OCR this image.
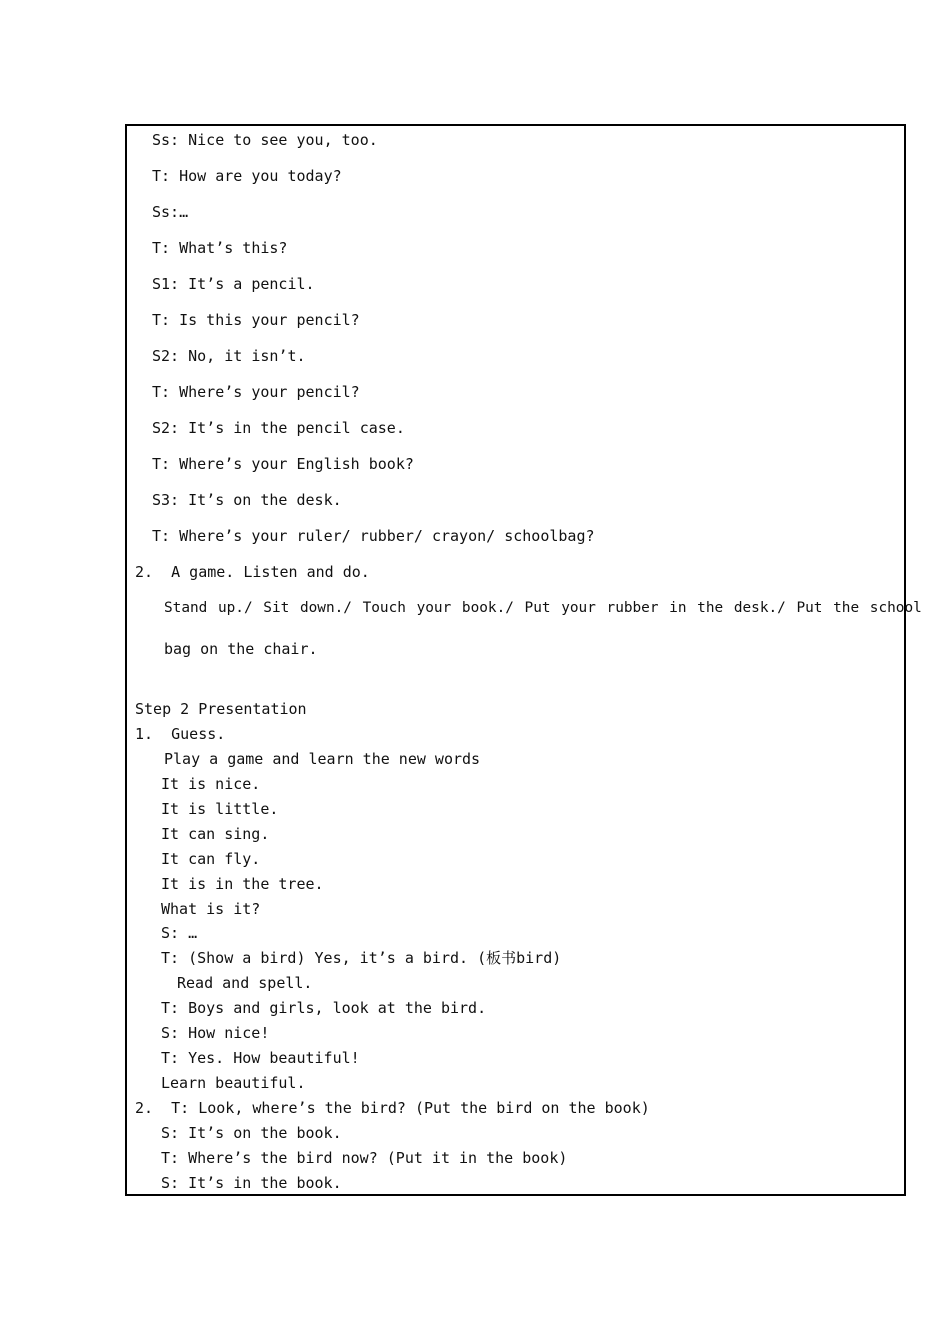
Ss: Nice to see you, too.

T: How are you today?

Ss:…

T: What’s this?

S1: It’s a pencil.

T: Is this your pencil?

S2: No, it isn’t.

T: Where’s your pencil?

S2: It’s in the pencil case.

T: Where’s your English book?

S3: It’s on the desk.

T: Where’s your ruler/ rubber/ crayon/ schoolbag?

2.  A game. Listen and do.

Stand up./ Sit down./ Touch your book./ Put your rubber in the desk./ Put the school

bag on the chair.

Step 2 Presentation

1.  Guess.

Play a game and learn the new words

It is nice.

It is little.

It can sing.

It can fly.

It is in the tree.

What is it?

S: …

T: (Show a bird) Yes, it’s a bird. (板书bird)

Read and spell.

T: Boys and girls, look at the bird.

S: How nice!

T: Yes. How beautiful!

Learn beautiful.

2.  T: Look, where’s the bird? (Put the bird on the book)

S: It’s on the book.

T: Where’s the bird now? (Put it in the book)

S: It’s in the book.
